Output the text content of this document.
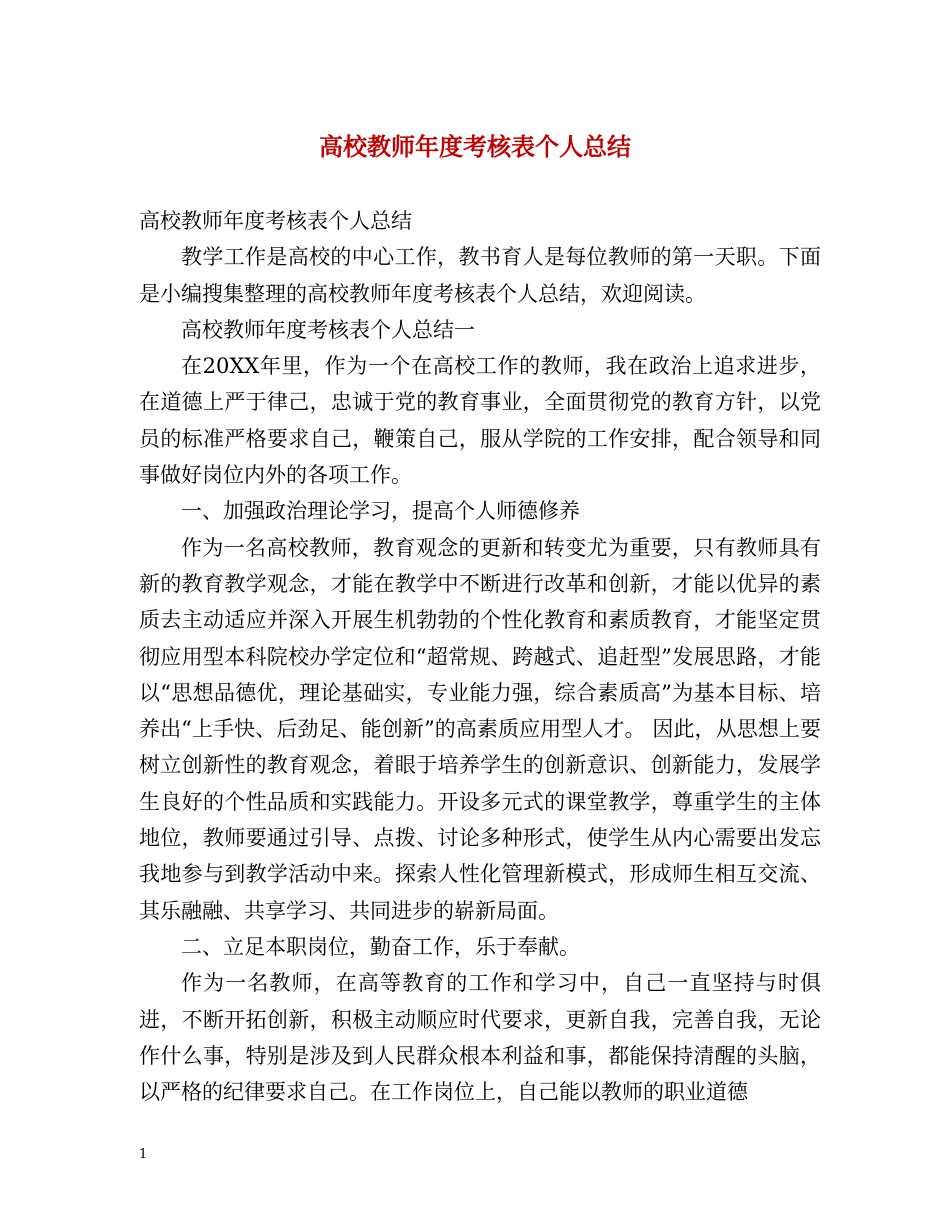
高校教师年度考核表个人总结

高校教师年度考核表个人总结

教学工作是高校的中心工作，教书育人是每位教师的第一天职。下面是小编搜集整理的高校教师年度考核表个人总结，欢迎阅读。

高校教师年度考核表个人总结一

在20XX年里，作为一个在高校工作的教师，我在政治上追求进步，在道德上严于律己，忠诚于党的教育事业，全面贯彻党的教育方针，以党员的标准严格要求自己，鞭策自己，服从学院的工作安排，配合领导和同事做好岗位内外的各项工作。

一、加强政治理论学习，提高个人师德修养

作为一名高校教师，教育观念的更新和转变尤为重要，只有教师具有新的教育教学观念，才能在教学中不断进行改革和创新，才能以优异的素质去主动适应并深入开展生机勃勃的个性化教育和素质教育，才能坚定贯彻应用型本科院校办学定位和“超常规、跨越式、追赶型”发展思路，才能以“思想品德优，理论基础实，专业能力强，综合素质高”为基本目标、培养出“上手快、后劲足、能创新”的高素质应用型人才。 因此，从思想上要树立创新性的教育观念，着眼于培养学生的创新意识、创新能力，发展学生良好的个性品质和实践能力。开设多元式的课堂教学，尊重学生的主体地位，教师要通过引导、点拨、讨论多种形式，使学生从内心需要出发忘我地参与到教学活动中来。探索人性化管理新模式，形成师生相互交流、其乐融融、共享学习、共同进步的崭新局面。

二、立足本职岗位，勤奋工作，乐于奉献。

作为一名教师，在高等教育的工作和学习中，自己一直坚持与时俱进，不断开拓创新，积极主动顺应时代要求，更新自我，完善自我，无论作什么事，特别是涉及到人民群众根本利益和事，都能保持清醒的头脑，以严格的纪律要求自己。在工作岗位上，自己能以教师的职业道德

1
